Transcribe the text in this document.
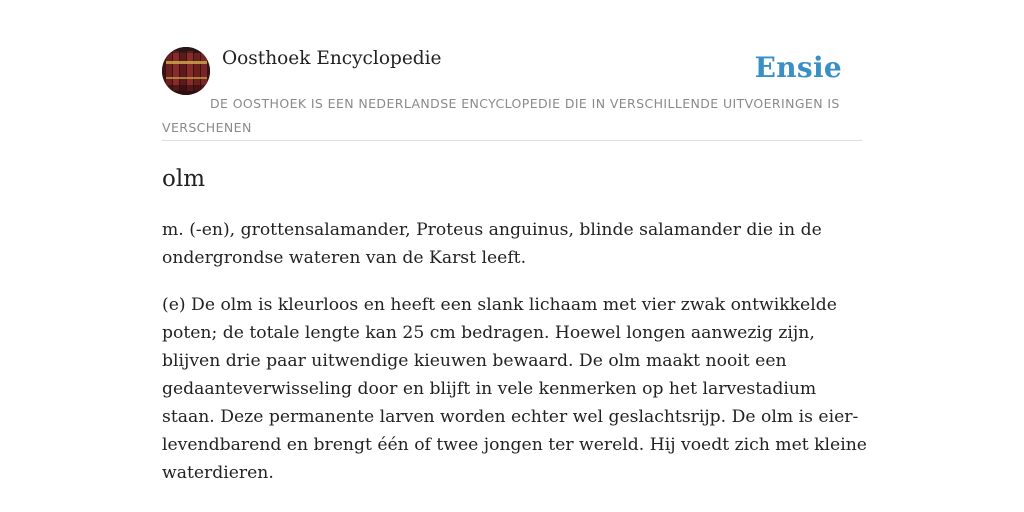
Oosthoek Encyclopedie	Ensie
DE OOSTHOEK IS EEN NEDERLANDSE ENCYCLOPEDIE DIE IN VERSCHILLENDE UITVOERINGEN IS VERSCHENEN
olm

m. (-en), grottensalamander, Proteus anguinus, blinde salamander die in de ondergrondse wateren van de Karst leeft.

(e) De olm is kleurloos en heeft een slank lichaam met vier zwak ontwikkelde poten; de totale lengte kan 25 cm bedragen. Hoewel longen aanwezig zijn, blijven drie paar uitwendige kieuwen bewaard. De olm maakt nooit een gedaanteverwisseling door en blijft in vele kenmerken op het larvestadium staan. Deze permanente larven worden echter wel geslachtsrijp. De olm is eier-levendbarend en brengt één of twee jongen ter wereld. Hij voedt zich met kleine waterdieren.
